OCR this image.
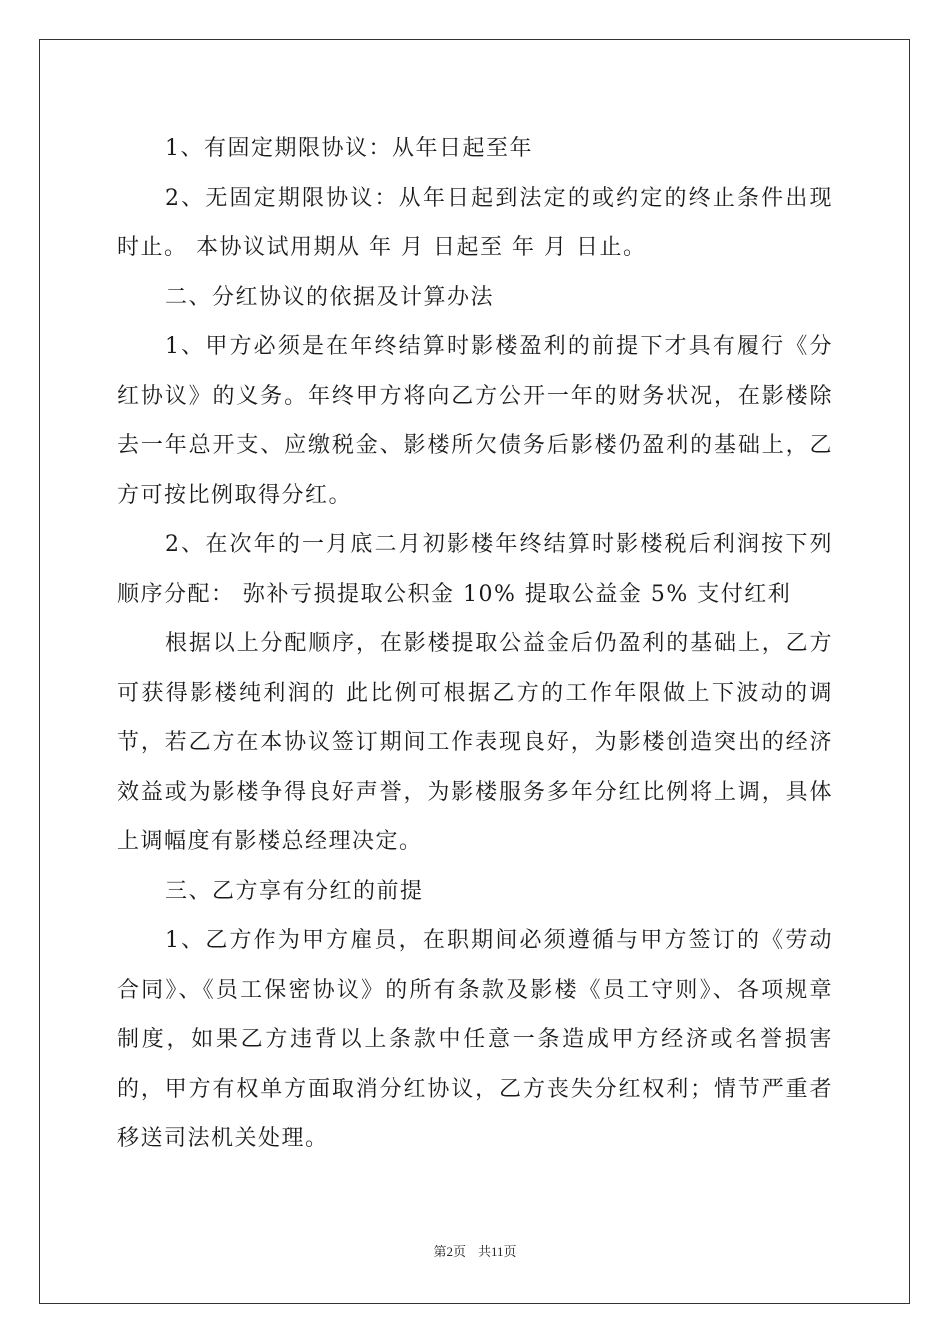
1、有固定期限协议：从年日起至年

2、无固定期限协议：从年日起到法定的或约定的终止条件出现时止。 本协议试用期从 年 月 日起至 年 月 日止。

二、分红协议的依据及计算办法

1、甲方必须是在年终结算时影楼盈利的前提下才具有履行《分红协议》的义务。年终甲方将向乙方公开一年的财务状况，在影楼除去一年总开支、应缴税金、影楼所欠债务后影楼仍盈利的基础上，乙方可按比例取得分红。

2、在次年的一月底二月初影楼年终结算时影楼税后利润按下列顺序分配： 弥补亏损提取公积金 10% 提取公益金 5% 支付红利

根据以上分配顺序，在影楼提取公益金后仍盈利的基础上，乙方可获得影楼纯利润的 此比例可根据乙方的工作年限做上下波动的调节，若乙方在本协议签订期间工作表现良好，为影楼创造突出的经济效益或为影楼争得良好声誉，为影楼服务多年分红比例将上调，具体上调幅度有影楼总经理决定。

三、乙方享有分红的前提

1、乙方作为甲方雇员，在职期间必须遵循与甲方签订的《劳动合同》、《员工保密协议》的所有条款及影楼《员工守则》、各项规章制度，如果乙方违背以上条款中任意一条造成甲方经济或名誉损害的，甲方有权单方面取消分红协议，乙方丧失分红权利；情节严重者移送司法机关处理。

第2页 共11页
